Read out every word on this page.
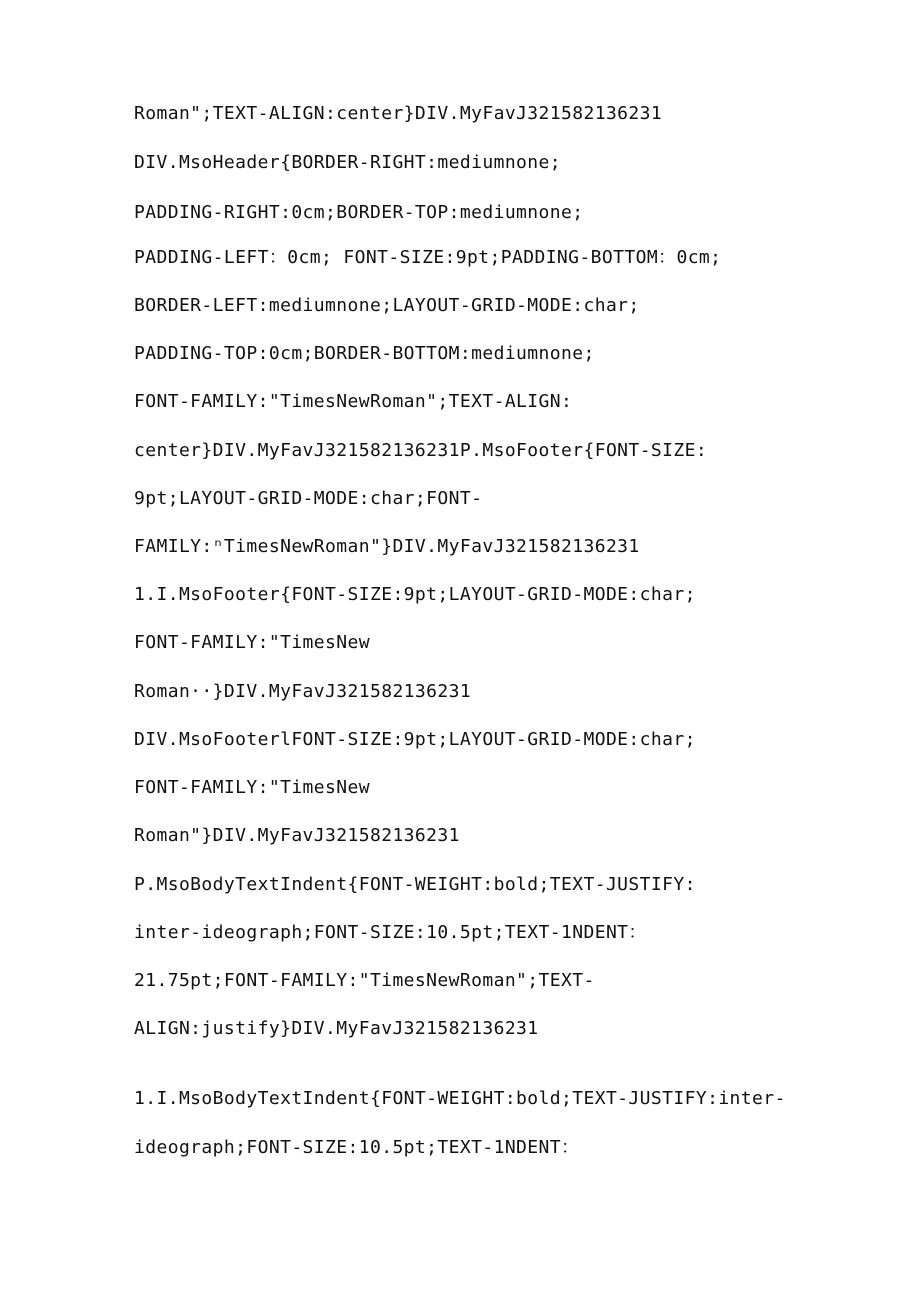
Roman";TEXT-ALIGN:center}DIV.MyFavJ321582136231

DIV.MsoHeader{BORDER-RIGHT:mediumnone;

PADDING-RIGHT:0cm;BORDER-TOP:mediumnone;

PADDING-LEFT：0cm; FONT-SIZE:9pt;PADDING-BOTTOM：0cm;

BORDER-LEFT:mediumnone;LAYOUT-GRID-MODE:char;

PADDING-TOP:0cm;BORDER-BOTTOM:mediumnone;

FONT-FAMILY:"TimesNewRoman";TEXT-ALIGN:

center}DIV.MyFavJ321582136231P.MsoFooter{FONT-SIZE:

9pt;LAYOUT-GRID-MODE:char;FONT-

FAMILY:ⁿTimesNewRoman"}DIV.MyFavJ321582136231

1.I.MsoFooter{FONT-SIZE:9pt;LAYOUT-GRID-MODE:char;

FONT-FAMILY:"TimesNew

Roman··}DIV.MyFavJ321582136231

DIV.MsoFooterlFONT-SIZE:9pt;LAYOUT-GRID-MODE:char;

FONT-FAMILY:"TimesNew

Roman"}DIV.MyFavJ321582136231

P.MsoBodyTextIndent{FONT-WEIGHT:bold;TEXT-JUSTIFY:

inter-ideograph;FONT-SIZE:10.5pt;TEXT-1NDENT：

21.75pt;FONT-FAMILY:"TimesNewRoman";TEXT-

ALIGN:justify}DIV.MyFavJ321582136231

1.I.MsoBodyTextIndent{FONT-WEIGHT:bold;TEXT-JUSTIFY:inter-

ideograph;FONT-SIZE:10.5pt;TEXT-1NDENT：
